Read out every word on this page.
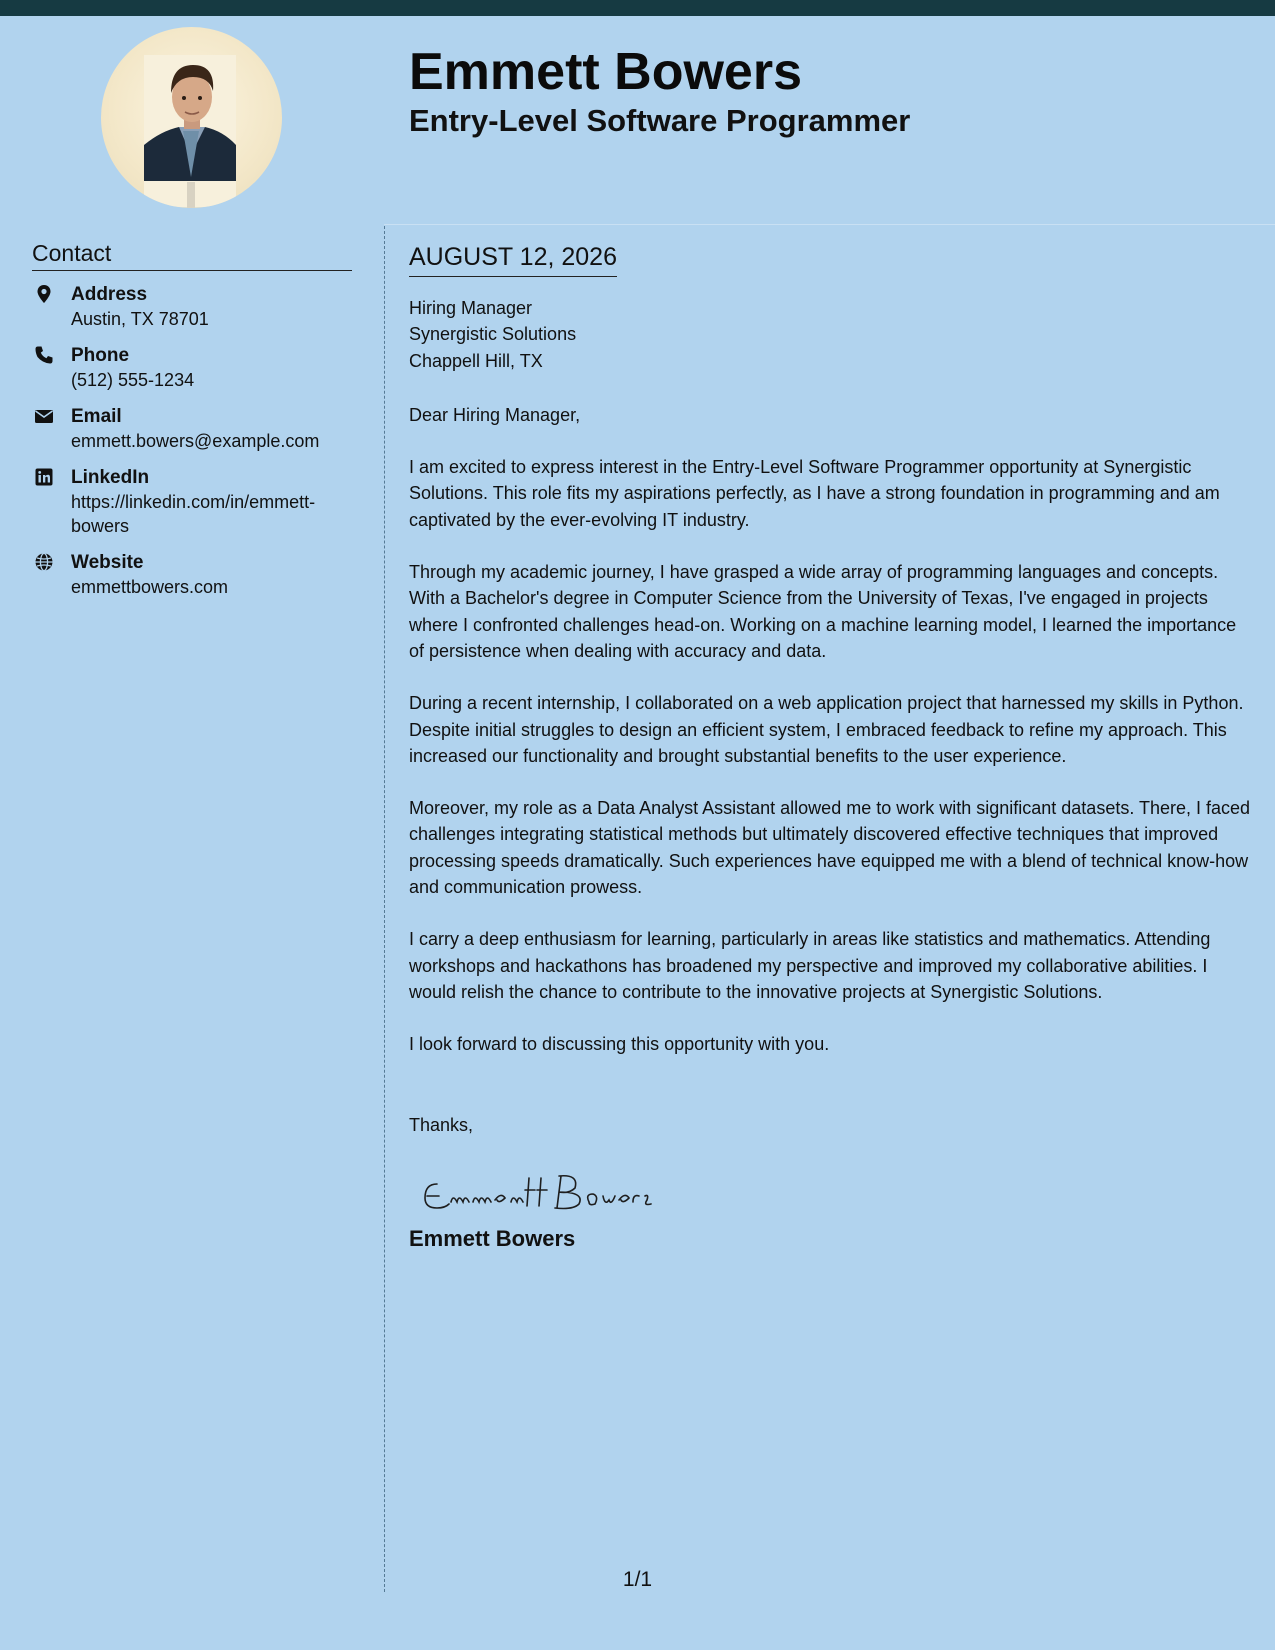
Emmett Bowers
Entry-Level Software Programmer
Contact
Address
Austin, TX 78701
Phone
(512) 555-1234
Email
emmett.bowers@example.com
LinkedIn
https://linkedin.com/in/emmett-bowers
Website
emmettbowers.com
AUGUST 12, 2026

Hiring Manager

Synergistic Solutions

Chappell Hill, TX

Dear Hiring Manager,

I am excited to express interest in the Entry-Level Software Programmer opportunity at Synergistic Solutions. This role fits my aspirations perfectly, as I have a strong foundation in programming and am captivated by the ever-evolving IT industry.

Through my academic journey, I have grasped a wide array of programming languages and concepts. With a Bachelor's degree in Computer Science from the University of Texas, I've engaged in projects where I confronted challenges head-on. Working on a machine learning model, I learned the importance of persistence when dealing with accuracy and data.

During a recent internship, I collaborated on a web application project that harnessed my skills in Python. Despite initial struggles to design an efficient system, I embraced feedback to refine my approach. This increased our functionality and brought substantial benefits to the user experience.

Moreover, my role as a Data Analyst Assistant allowed me to work with significant datasets. There, I faced challenges integrating statistical methods but ultimately discovered effective techniques that improved processing speeds dramatically. Such experiences have equipped me with a blend of technical know-how and communication prowess.

I carry a deep enthusiasm for learning, particularly in areas like statistics and mathematics. Attending workshops and hackathons has broadened my perspective and improved my collaborative abilities. I would relish the chance to contribute to the innovative projects at Synergistic Solutions.

I look forward to discussing this opportunity with you.

Thanks,

Emmett Bowers
1/1
